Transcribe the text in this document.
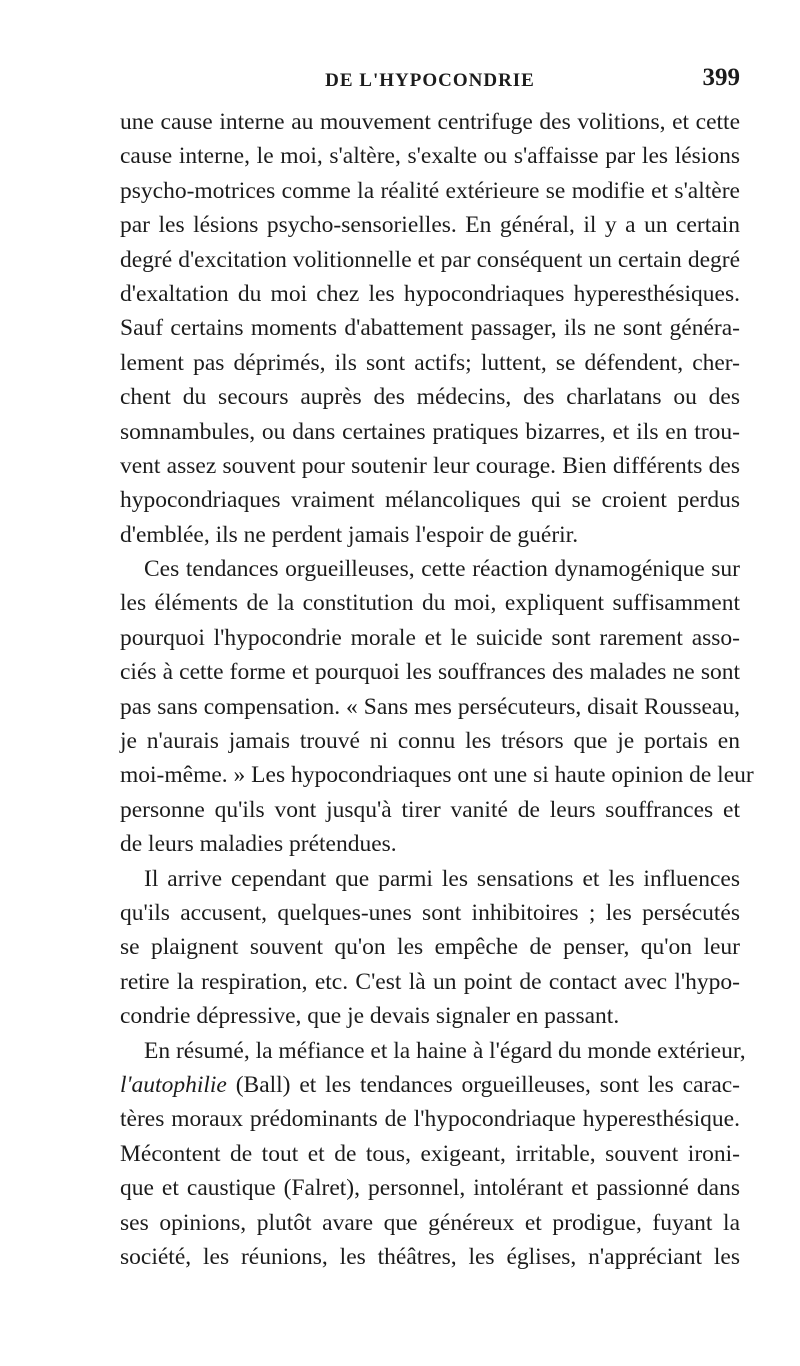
DE L'HYPOCONDRIE	399
une cause interne au mouvement centrifuge des volitions, et cette
cause interne, le moi, s'altère, s'exalte ou s'affaisse par les lésions
psycho-motrices comme la réalité extérieure se modifie et s'altère
par les lésions psycho-sensorielles. En général, il y a un certain
degré d'excitation volitionnelle et par conséquent un certain degré
d'exaltation du moi chez les hypocondriaques hyperesthésiques.
Sauf certains moments d'abattement passager, ils ne sont généra-
lement pas déprimés, ils sont actifs; luttent, se défendent, cher-
chent du secours auprès des médecins, des charlatans ou des
somnambules, ou dans certaines pratiques bizarres, et ils en trou-
vent assez souvent pour soutenir leur courage. Bien différents des
hypocondriaques vraiment mélancoliques qui se croient perdus
d'emblée, ils ne perdent jamais l'espoir de guérir.
Ces tendances orgueilleuses, cette réaction dynamogénique sur
les éléments de la constitution du moi, expliquent suffisamment
pourquoi l'hypocondrie morale et le suicide sont rarement asso-
ciés à cette forme et pourquoi les souffrances des malades ne sont
pas sans compensation. « Sans mes persécuteurs, disait Rousseau,
je n'aurais jamais trouvé ni connu les trésors que je portais en
moi-même. » Les hypocondriaques ont une si haute opinion de leur
personne qu'ils vont jusqu'à tirer vanité de leurs souffrances et
de leurs maladies prétendues.
Il arrive cependant que parmi les sensations et les influences
qu'ils accusent, quelques-unes sont inhibitoires ; les persécutés
se plaignent souvent qu'on les empêche de penser, qu'on leur
retire la respiration, etc. C'est là un point de contact avec l'hypo-
condrie dépressive, que je devais signaler en passant.
En résumé, la méfiance et la haine à l'égard du monde extérieur,
l'autophilie (Ball) et les tendances orgueilleuses, sont les carac-
tères moraux prédominants de l'hypocondriaque hyperesthésique.
Mécontent de tout et de tous, exigeant, irritable, souvent ironi-
que et caustique (Falret), personnel, intolérant et passionné dans
ses opinions, plutôt avare que généreux et prodigue, fuyant la
société, les réunions, les théâtres, les églises, n'appréciant les
